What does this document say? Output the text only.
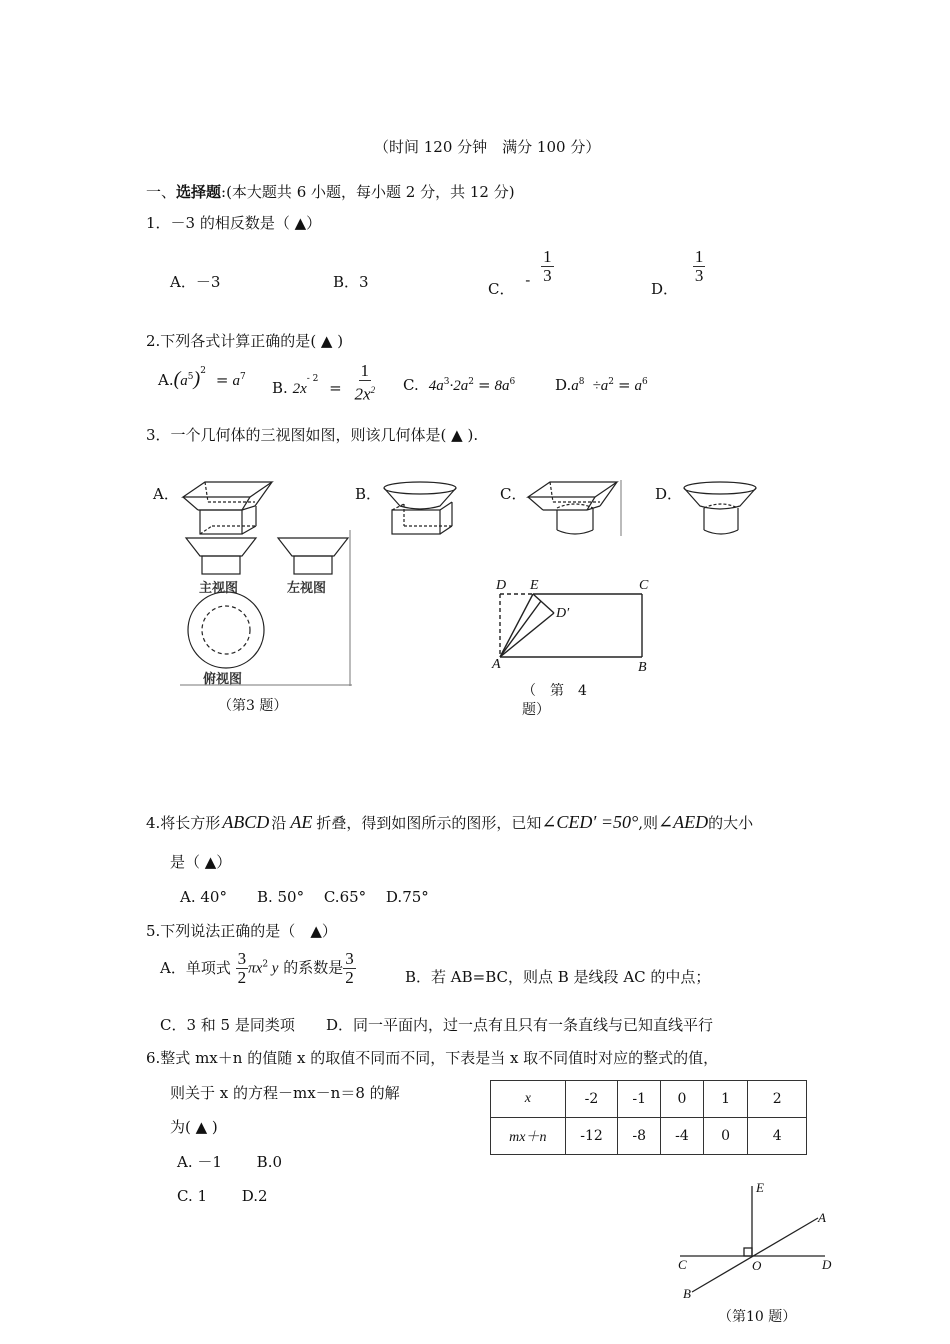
（时间 120 分钟　满分 100 分）
一、选择题:(本大题共 6 小题，每小题 2 分，共 12 分)
1．－3 的相反数是（ ▲）
A．－3	B．3	C． - $\frac{1}{3}$
D．
$\frac{1}{3}$
2.下列各式计算正确的是( ▲ )
$A.(a^5)^2 = a^7$
B. $2x^{- 2} = \frac{1}{2x^2} C$. $4a^3\cdot 2a^2 = 8a^6$	$D.a^8 \div a^2 = a^6$
3．一个几何体的三视图如图，则该几何体是( ▲ ).
A．	B．	C．	D．
主视图	左视图
俯视图
（第3 题）
D E	C
D′
A	B
（　第　4
题）
4.将长方形 ABCD 沿 AE 折叠，得到如图所示的图形，已知∠CED′ =50°,则∠AED的大小
是（ ▲）
A. 40°　　B. 50°　 C.65°　 D.75°
5.下列说法正确的是（　▲）
A．单项式 $\frac{3}{2} \pi x^2$ y 的系数是 $\frac{3}{2}$	B．若 AB=BC，则点 B 是线段 AC 的中点；
C．3 和 5 是同类项 D．同一平面内，过一点有且只有一条直线与已知直线平行
6.整式 mx＋n 的值随 x 的取值不同而不同，下表是当 x 取不同值时对应的整式的值，
则关于 x 的方程－mx－n＝8 的解
为( ▲ )
A. －1　　 B.0
C. 1　　 D.2
x	-2	-1	0	1	2
mx＋n	-12	-8	-4	0	4
E
A
C	O	D
B
（第10 题）
